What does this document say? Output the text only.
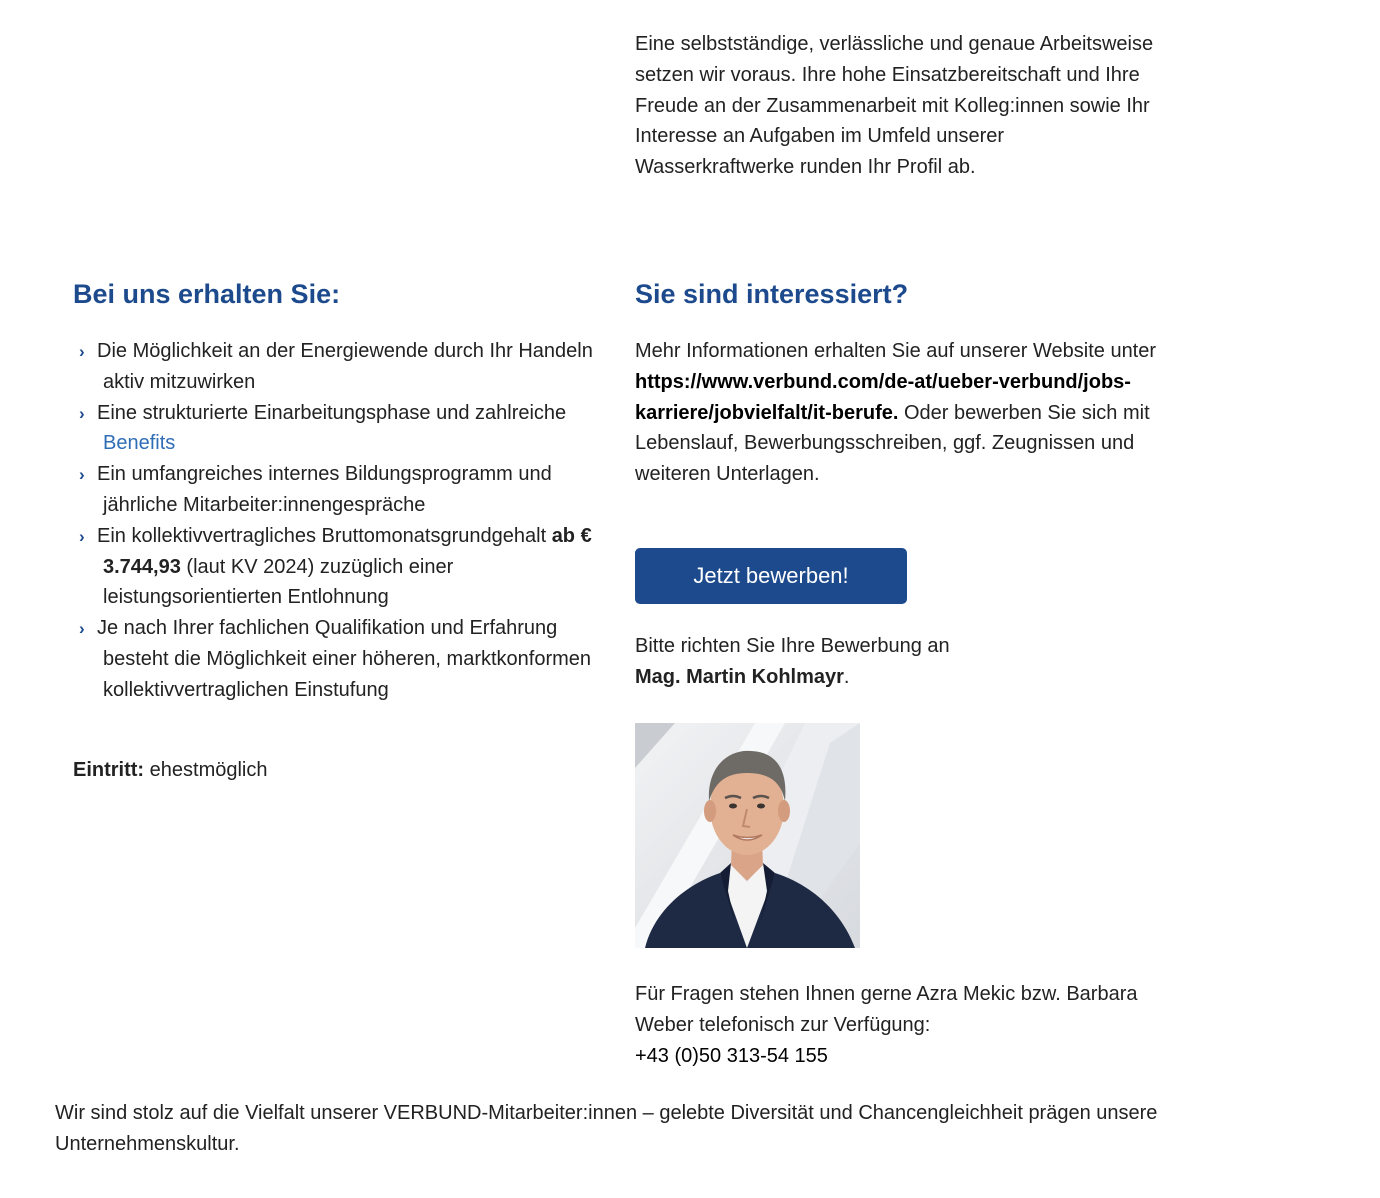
Eine selbstständige, verlässliche und genaue Arbeitsweise setzen wir voraus. Ihre hohe Einsatzbereitschaft und Ihre Freude an der Zusammenarbeit mit Kolleg:innen sowie Ihr Interesse an Aufgaben im Umfeld unserer Wasserkraftwerke runden Ihr Profil ab.

Bei uns erhalten Sie:
› Die Möglichkeit an der Energiewende durch Ihr Handeln aktiv mitzuwirken
› Eine strukturierte Einarbeitungsphase und zahlreiche Benefits
› Ein umfangreiches internes Bildungsprogramm und jährliche Mitarbeiter:innengespräche
› Ein kollektivvertragliches Bruttomonatsgrundgehalt ab € 3.744,93 (laut KV 2024) zuzüglich einer leistungsorientierten Entlohnung
› Je nach Ihrer fachlichen Qualifikation und Erfahrung besteht die Möglichkeit einer höheren, marktkonformen kollektivvertraglichen Einstufung
Eintritt: ehestmöglich
Sie sind interessiert?

Mehr Informationen erhalten Sie auf unserer Website unter https://www.verbund.com/de-at/ueber-verbund/jobs-karriere/jobvielfalt/it-berufe. Oder bewerben Sie sich mit Lebenslauf, Bewerbungsschreiben, ggf. Zeugnissen und weiteren Unterlagen.

Jetzt bewerben!

Bitte richten Sie Ihre Bewerbung an
Mag. Martin Kohlmayr.

Für Fragen stehen Ihnen gerne Azra Mekic bzw. Barbara Weber telefonisch zur Verfügung:
+43 (0)50 313-54 155

Wir sind stolz auf die Vielfalt unserer VERBUND-Mitarbeiter:innen – gelebte Diversität und Chancengleichheit prägen unsere Unternehmenskultur.
